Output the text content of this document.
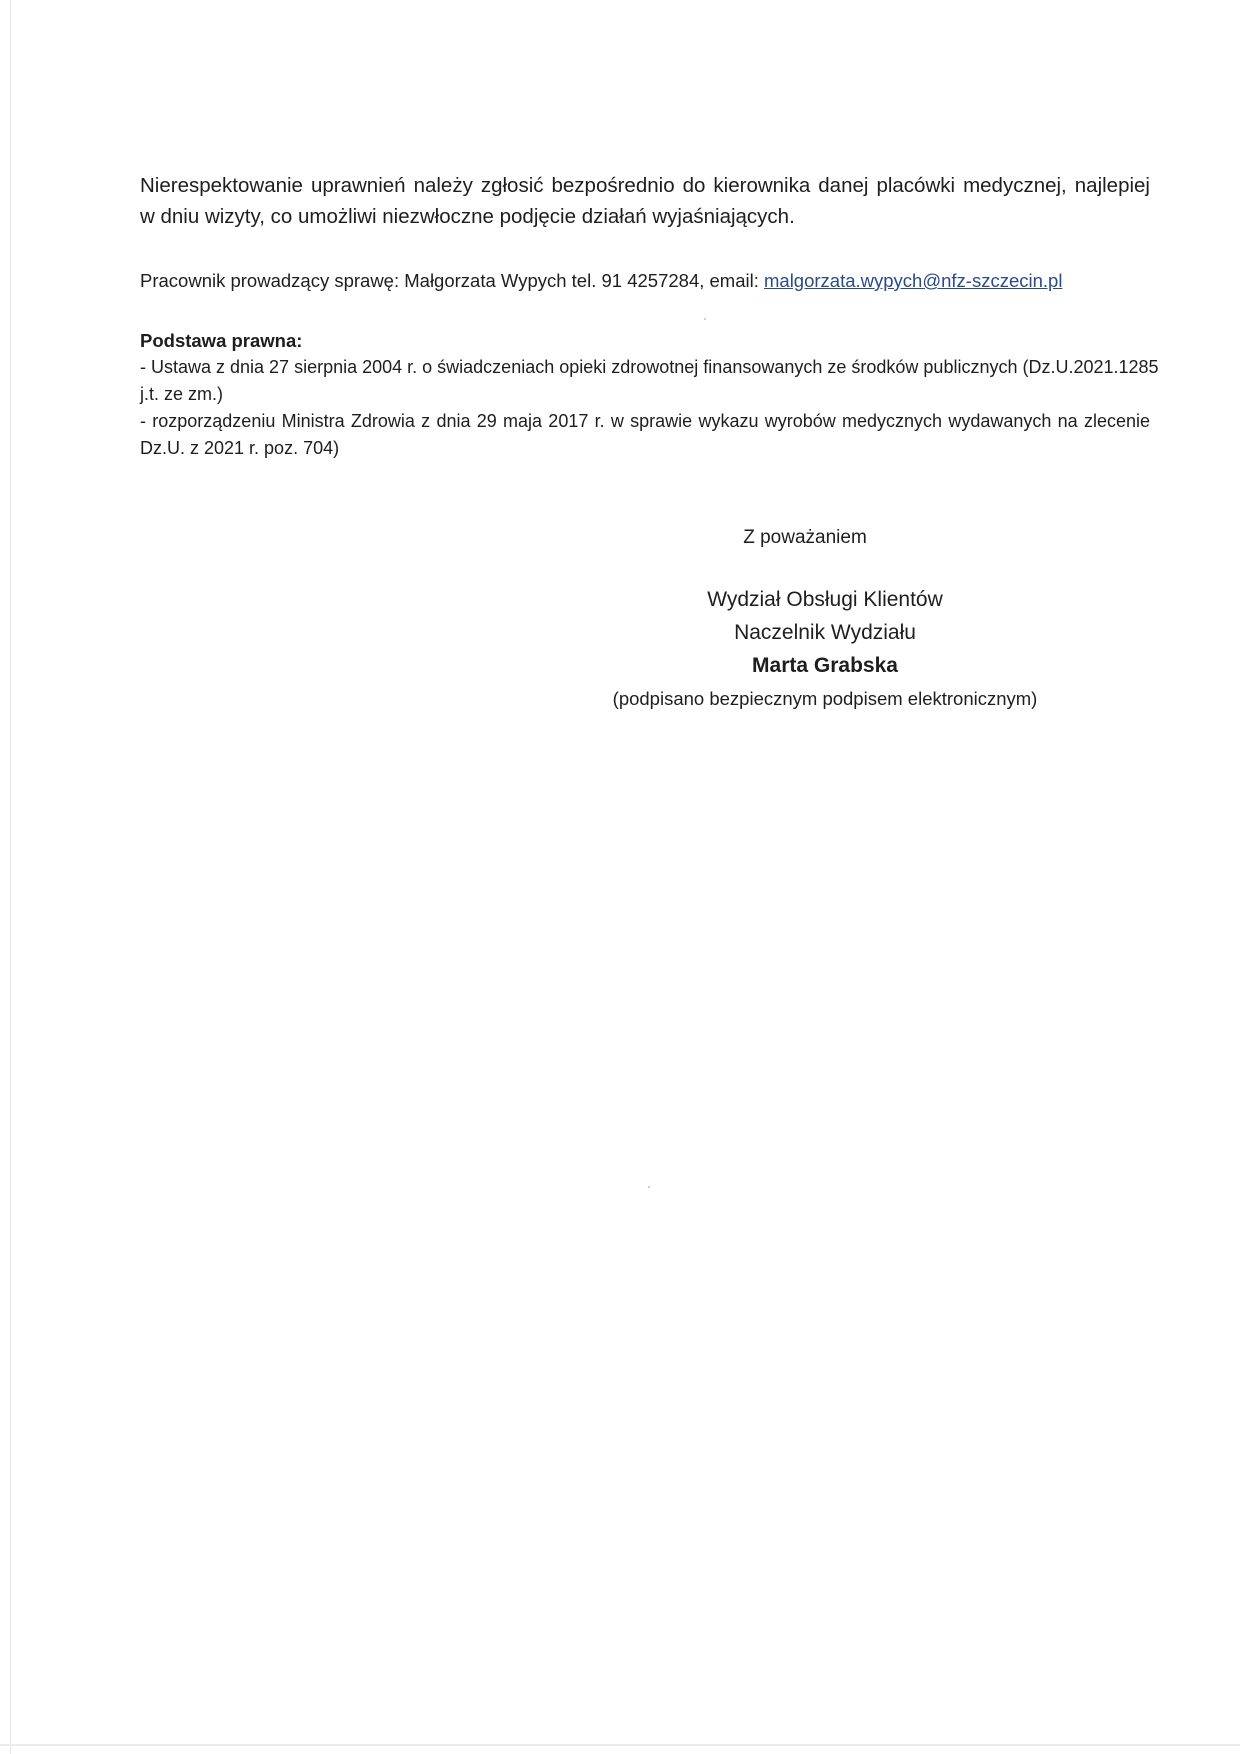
Nierespektowanie uprawnień należy zgłosić bezpośrednio do kierownika danej placówki medycznej, najlepiej
w dniu wizyty, co umożliwi niezwłoczne podjęcie działań wyjaśniających.

Pracownik prowadzący sprawę: Małgorzata Wypych tel. 91 4257284, email: malgorzata.wypych@nfz-szczecin.pl

Podstawa prawna:

- Ustawa z dnia 27 sierpnia 2004 r. o świadczeniach opieki zdrowotnej finansowanych ze środków publicznych (Dz.U.2021.1285
j.t. ze zm.)

- rozporządzeniu Ministra Zdrowia z dnia 29 maja 2017 r. w sprawie wykazu wyrobów medycznych wydawanych na zlecenie
Dz.U. z 2021 r. poz. 704)

Z poważaniem

Wydział Obsługi Klientów

Naczelnik Wydziału

Marta Grabska

(podpisano bezpiecznym podpisem elektronicznym)
